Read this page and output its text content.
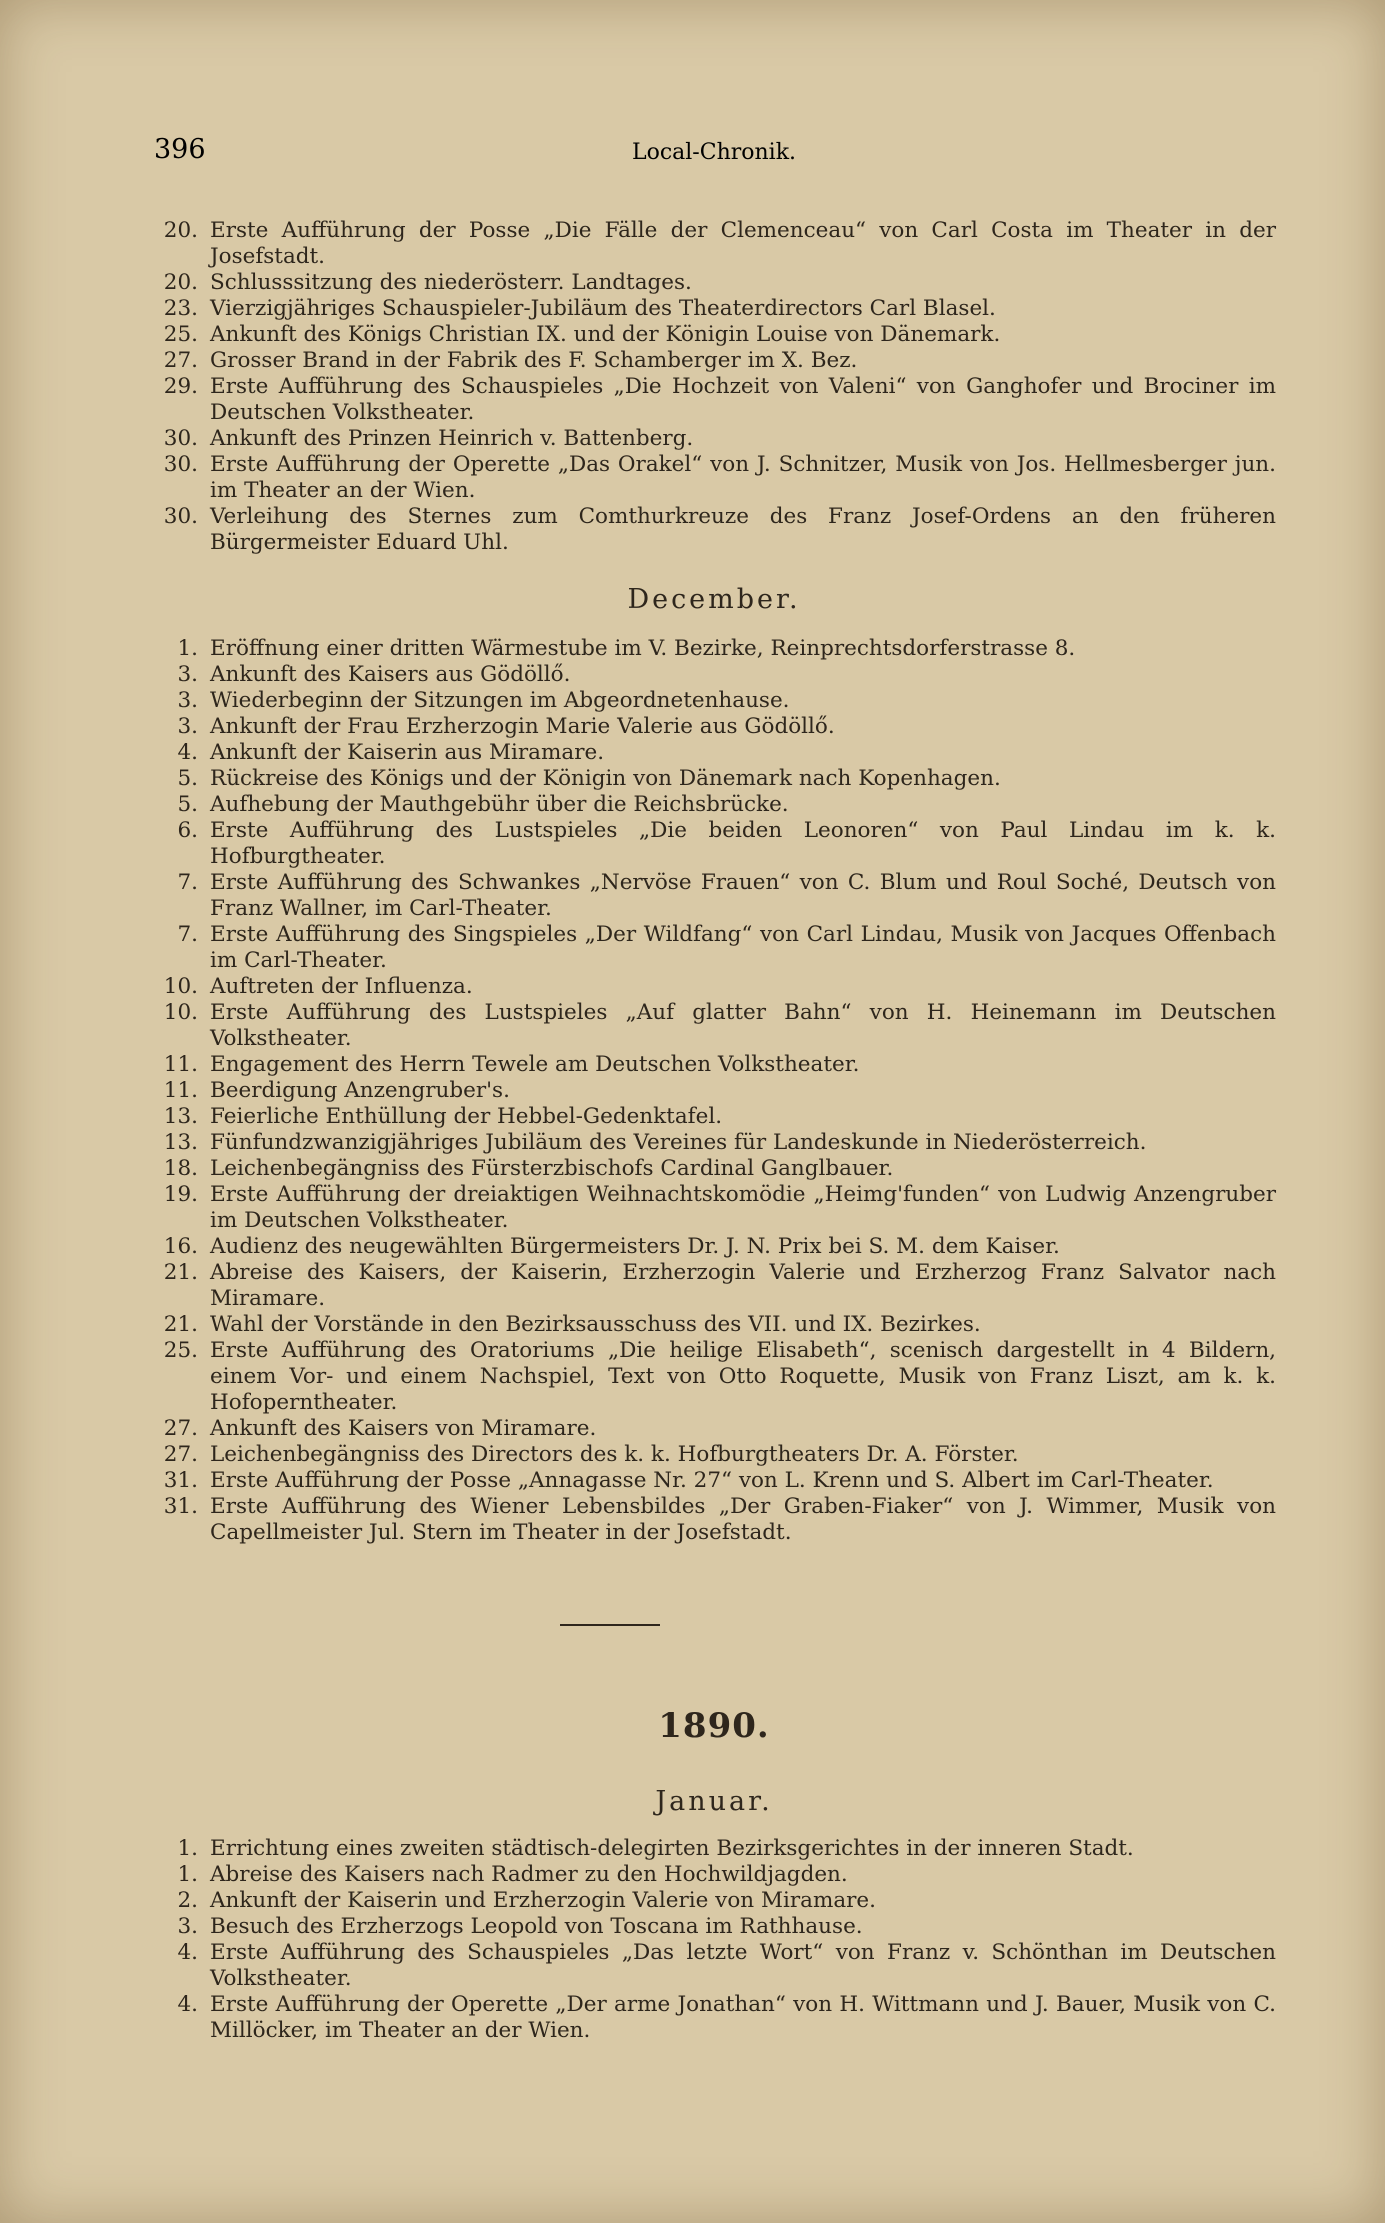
396	Local-Chronik.
20. Erste Aufführung der Posse „Die Fälle der Clemenceau“ von Carl Costa im Theater in der Josefstadt.
20. Schlusssitzung des niederösterr. Landtages.
23. Vierzigjähriges Schauspieler-Jubiläum des Theaterdirectors Carl Blasel.
25. Ankunft des Königs Christian IX. und der Königin Louise von Dänemark.
27. Grosser Brand in der Fabrik des F. Schamberger im X. Bez.
29. Erste Aufführung des Schauspieles „Die Hochzeit von Valeni“ von Ganghofer und Brociner im Deutschen Volkstheater.
30. Ankunft des Prinzen Heinrich v. Battenberg.
30. Erste Aufführung der Operette „Das Orakel“ von J. Schnitzer, Musik von Jos. Hellmesberger jun. im Theater an der Wien.
30. Verleihung des Sternes zum Comthurkreuze des Franz Josef-Ordens an den früheren Bürgermeister Eduard Uhl.
December.
1. Eröffnung einer dritten Wärmestube im V. Bezirke, Reinprechtsdorferstrasse 8.
3. Ankunft des Kaisers aus Gödöllő.
3. Wiederbeginn der Sitzungen im Abgeordnetenhause.
3. Ankunft der Frau Erzherzogin Marie Valerie aus Gödöllő.
4. Ankunft der Kaiserin aus Miramare.
5. Rückreise des Königs und der Königin von Dänemark nach Kopenhagen.
5. Aufhebung der Mauthgebühr über die Reichsbrücke.
6. Erste Aufführung des Lustspieles „Die beiden Leonoren“ von Paul Lindau im k. k. Hofburgtheater.
7. Erste Aufführung des Schwankes „Nervöse Frauen“ von C. Blum und Roul Soché, Deutsch von Franz Wallner, im Carl-Theater.
7. Erste Aufführung des Singspieles „Der Wildfang“ von Carl Lindau, Musik von Jacques Offenbach im Carl-Theater.
10. Auftreten der Influenza.
10. Erste Aufführung des Lustspieles „Auf glatter Bahn“ von H. Heinemann im Deutschen Volkstheater.
11. Engagement des Herrn Tewele am Deutschen Volkstheater.
11. Beerdigung Anzengruber's.
13. Feierliche Enthüllung der Hebbel-Gedenktafel.
13. Fünfundzwanzigjähriges Jubiläum des Vereines für Landeskunde in Niederösterreich.
18. Leichenbegängniss des Fürsterzbischofs Cardinal Ganglbauer.
19. Erste Aufführung der dreiaktigen Weihnachtskomödie „Heimg'funden“ von Ludwig Anzengruber im Deutschen Volkstheater.
16. Audienz des neugewählten Bürgermeisters Dr. J. N. Prix bei S. M. dem Kaiser.
21. Abreise des Kaisers, der Kaiserin, Erzherzogin Valerie und Erzherzog Franz Salvator nach Miramare.
21. Wahl der Vorstände in den Bezirksausschuss des VII. und IX. Bezirkes.
25. Erste Aufführung des Oratoriums „Die heilige Elisabeth“, scenisch dargestellt in 4 Bildern, einem Vor- und einem Nachspiel, Text von Otto Roquette, Musik von Franz Liszt, am k. k. Hofoperntheater.
27. Ankunft des Kaisers von Miramare.
27. Leichenbegängniss des Directors des k. k. Hofburgtheaters Dr. A. Förster.
31. Erste Aufführung der Posse „Annagasse Nr. 27“ von L. Krenn und S. Albert im Carl-Theater.
31. Erste Aufführung des Wiener Lebensbildes „Der Graben-Fiaker“ von J. Wimmer, Musik von Capellmeister Jul. Stern im Theater in der Josefstadt.
1890.
Januar.
1. Errichtung eines zweiten städtisch-delegirten Bezirksgerichtes in der inneren Stadt.
1. Abreise des Kaisers nach Radmer zu den Hochwildjagden.
2. Ankunft der Kaiserin und Erzherzogin Valerie von Miramare.
3. Besuch des Erzherzogs Leopold von Toscana im Rathhause.
4. Erste Aufführung des Schauspieles „Das letzte Wort“ von Franz v. Schönthan im Deutschen Volkstheater.
4. Erste Aufführung der Operette „Der arme Jonathan“ von H. Wittmann und J. Bauer, Musik von C. Millöcker, im Theater an der Wien.
